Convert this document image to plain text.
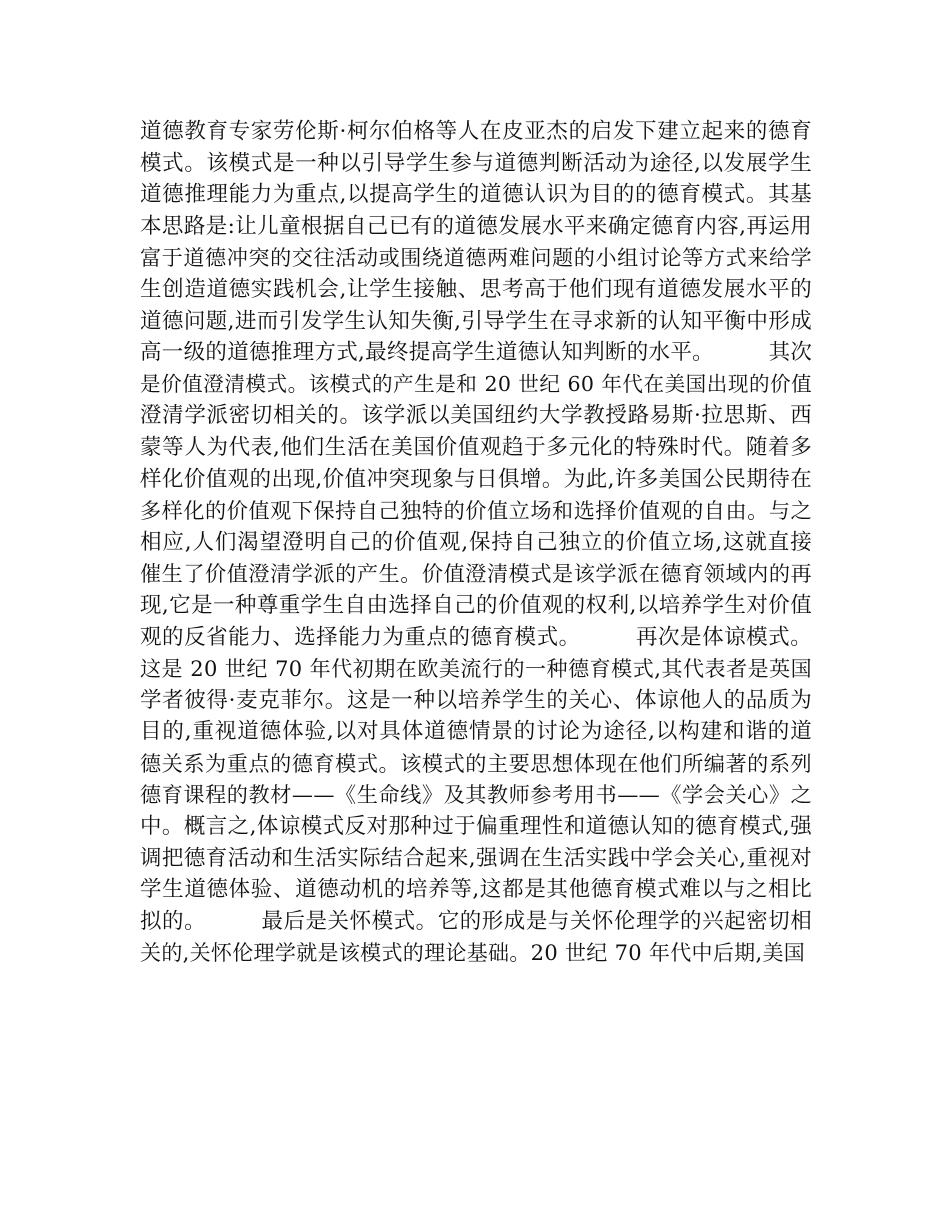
道德教育专家劳伦斯·柯尔伯格等人在皮亚杰的启发下建立起来的德育
模式。该模式是一种以引导学生参与道德判断活动为途径,以发展学生
道德推理能力为重点,以提高学生的道德认识为目的的德育模式。其基
本思路是:让儿童根据自己已有的道德发展水平来确定德育内容,再运用
富于道德冲突的交往活动或围绕道德两难问题的小组讨论等方式来给学
生创造道德实践机会,让学生接触、思考高于他们现有道德发展水平的
道德问题,进而引发学生认知失衡,引导学生在寻求新的认知平衡中形成
高一级的道德推理方式,最终提高学生道德认知判断的水平。　　　其次
是价值澄清模式。该模式的产生是和 20 世纪 60 年代在美国出现的价值
澄清学派密切相关的。该学派以美国纽约大学教授路易斯·拉思斯、西
蒙等人为代表,他们生活在美国价值观趋于多元化的特殊时代。随着多
样化价值观的出现,价值冲突现象与日俱增。为此,许多美国公民期待在
多样化的价值观下保持自己独特的价值立场和选择价值观的自由。与之
相应,人们渴望澄明自己的价值观,保持自己独立的价值立场,这就直接
催生了价值澄清学派的产生。价值澄清模式是该学派在德育领域内的再
现,它是一种尊重学生自由选择自己的价值观的权利,以培养学生对价值
观的反省能力、选择能力为重点的德育模式。　　　再次是体谅模式。
这是 20 世纪 70 年代初期在欧美流行的一种德育模式,其代表者是英国
学者彼得·麦克菲尔。这是一种以培养学生的关心、体谅他人的品质为
目的,重视道德体验,以对具体道德情景的讨论为途径,以构建和谐的道
德关系为重点的德育模式。该模式的主要思想体现在他们所编著的系列
德育课程的教材——《生命线》及其教师参考用书——《学会关心》之
中。概言之,体谅模式反对那种过于偏重理性和道德认知的德育模式,强
调把德育活动和生活实际结合起来,强调在生活实践中学会关心,重视对
学生道德体验、道德动机的培养等,这都是其他德育模式难以与之相比
拟的。　　　最后是关怀模式。它的形成是与关怀伦理学的兴起密切相
关的,关怀伦理学就是该模式的理论基础。20 世纪 70 年代中后期,美国
